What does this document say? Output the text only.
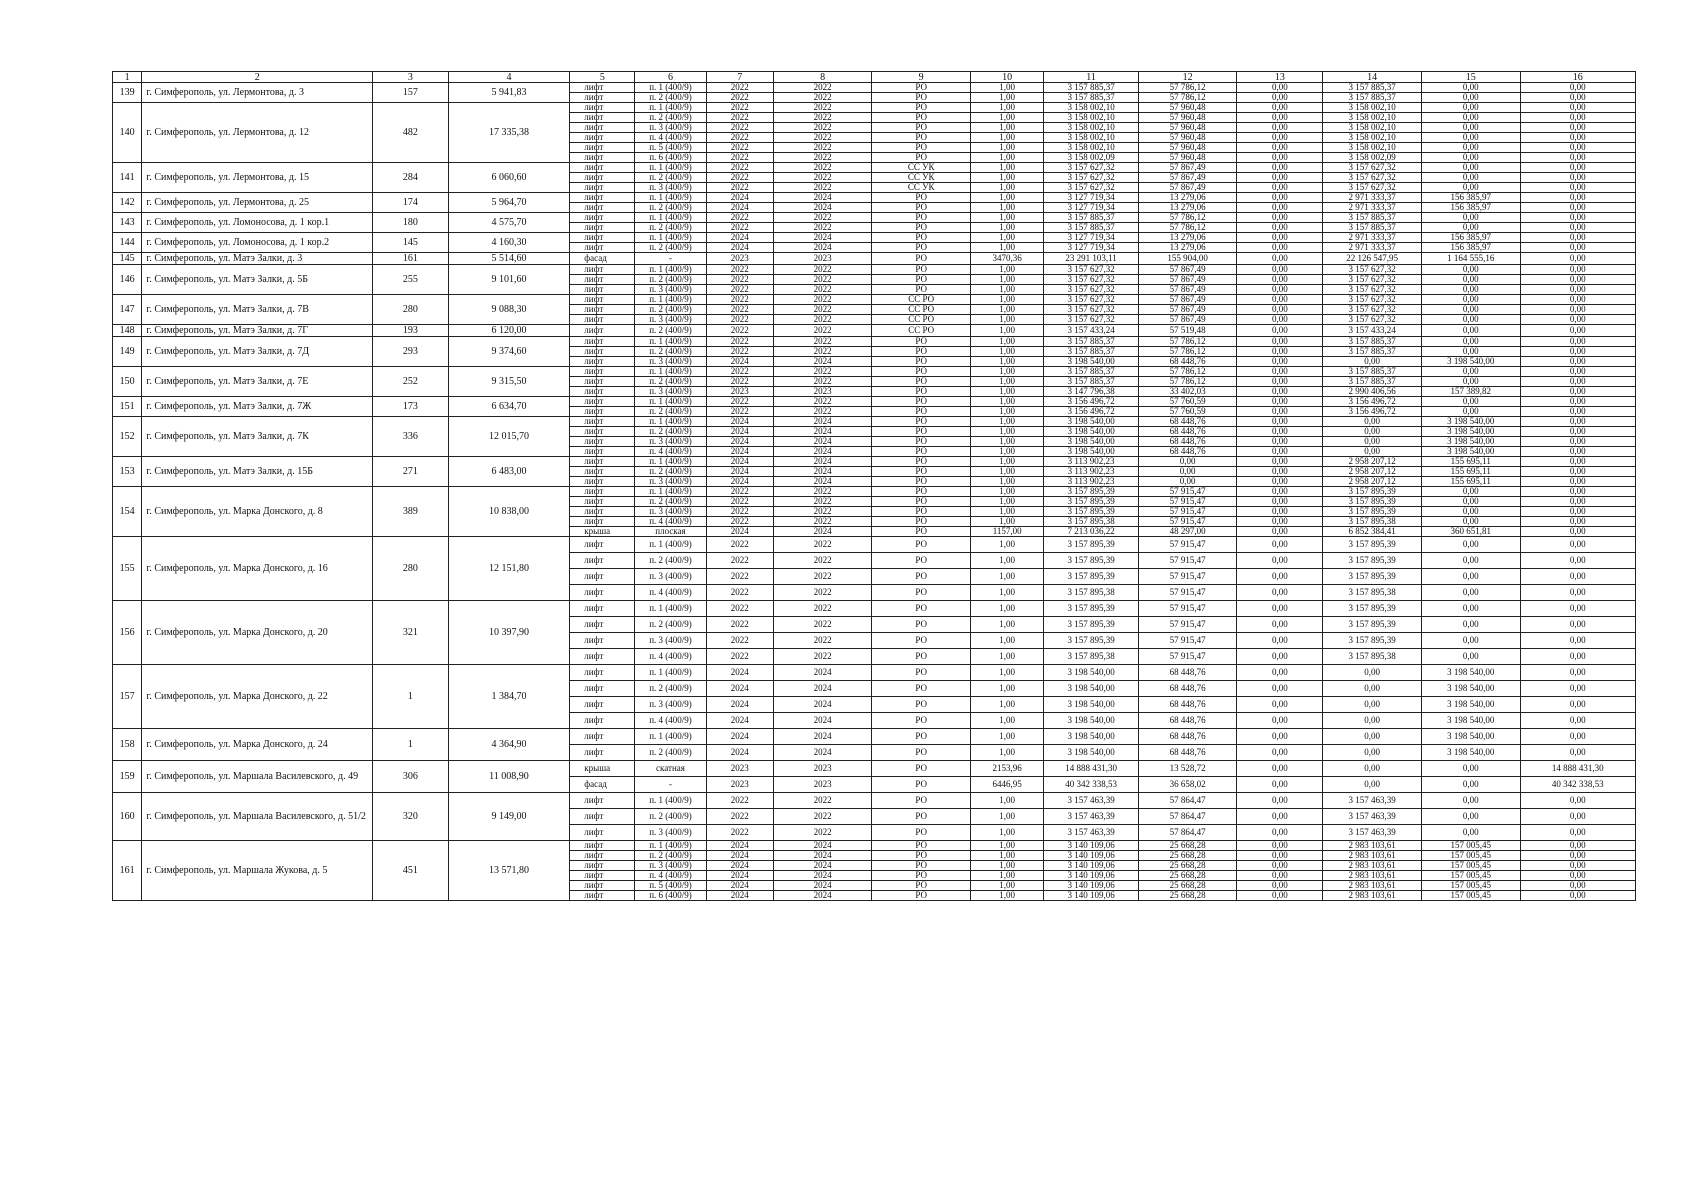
1	2	3	4	5	6	7	8	9	10	11	12	13	14	15	16
139	г. Симферополь, ул. Лермонтова, д. 3	157	5 941,83	лифт	п. 1 (400/9)	2022	2022	РО	1,00	3 157 885,37	57 786,12	0,00	3 157 885,37	0,00	0,00
				лифт	п. 2 (400/9)	2022	2022	РО	1,00	3 157 885,37	57 786,12	0,00	3 157 885,37	0,00	0,00
140	г. Симферополь, ул. Лермонтова, д. 12	482	17 335,38	лифт	п. 1 (400/9)	2022	2022	РО	1,00	3 158 002,10	57 960,48	0,00	3 158 002,10	0,00	0,00
				лифт	п. 2 (400/9)	2022	2022	РО	1,00	3 158 002,10	57 960,48	0,00	3 158 002,10	0,00	0,00
				лифт	п. 3 (400/9)	2022	2022	РО	1,00	3 158 002,10	57 960,48	0,00	3 158 002,10	0,00	0,00
				лифт	п. 4 (400/9)	2022	2022	РО	1,00	3 158 002,10	57 960,48	0,00	3 158 002,10	0,00	0,00
				лифт	п. 5 (400/9)	2022	2022	РО	1,00	3 158 002,10	57 960,48	0,00	3 158 002,10	0,00	0,00
				лифт	п. 6 (400/9)	2022	2022	РО	1,00	3 158 002,09	57 960,48	0,00	3 158 002,09	0,00	0,00
141	г. Симферополь, ул. Лермонтова, д. 15	284	6 060,60	лифт	п. 1 (400/9)	2022	2022	СС УК	1,00	3 157 627,32	57 867,49	0,00	3 157 627,32	0,00	0,00
				лифт	п. 2 (400/9)	2022	2022	СС УК	1,00	3 157 627,32	57 867,49	0,00	3 157 627,32	0,00	0,00
				лифт	п. 3 (400/9)	2022	2022	СС УК	1,00	3 157 627,32	57 867,49	0,00	3 157 627,32	0,00	0,00
142	г. Симферополь, ул. Лермонтова, д. 25	174	5 964,70	лифт	п. 1 (400/9)	2024	2024	РО	1,00	3 127 719,34	13 279,06	0,00	2 971 333,37	156 385,97	0,00
				лифт	п. 2 (400/9)	2024	2024	РО	1,00	3 127 719,34	13 279,06	0,00	2 971 333,37	156 385,97	0,00
143	г. Симферополь, ул. Ломоносова, д. 1 кор.1	180	4 575,70	лифт	п. 1 (400/9)	2022	2022	РО	1,00	3 157 885,37	57 786,12	0,00	3 157 885,37	0,00	0,00
				лифт	п. 2 (400/9)	2022	2022	РО	1,00	3 157 885,37	57 786,12	0,00	3 157 885,37	0,00	0,00
144	г. Симферополь, ул. Ломоносова, д. 1 кор.2	145	4 160,30	лифт	п. 1 (400/9)	2024	2024	РО	1,00	3 127 719,34	13 279,06	0,00	2 971 333,37	156 385,97	0,00
				лифт	п. 2 (400/9)	2024	2024	РО	1,00	3 127 719,34	13 279,06	0,00	2 971 333,37	156 385,97	0,00
145	г. Симферополь, ул. Матэ Залки, д. 3	161	5 514,60	фасад	-	2023	2023	РО	3470,36	23 291 103,11	155 904,00	0,00	22 126 547,95	1 164 555,16	0,00
146	г. Симферополь, ул. Матэ Залки, д. 5Б	255	9 101,60	лифт	п. 1 (400/9)	2022	2022	РО	1,00	3 157 627,32	57 867,49	0,00	3 157 627,32	0,00	0,00
				лифт	п. 2 (400/9)	2022	2022	РО	1,00	3 157 627,32	57 867,49	0,00	3 157 627,32	0,00	0,00
				лифт	п. 3 (400/9)	2022	2022	РО	1,00	3 157 627,32	57 867,49	0,00	3 157 627,32	0,00	0,00
147	г. Симферополь, ул. Матэ Залки, д. 7В	280	9 088,30	лифт	п. 1 (400/9)	2022	2022	СС РО	1,00	3 157 627,32	57 867,49	0,00	3 157 627,32	0,00	0,00
				лифт	п. 2 (400/9)	2022	2022	СС РО	1,00	3 157 627,32	57 867,49	0,00	3 157 627,32	0,00	0,00
				лифт	п. 3 (400/9)	2022	2022	СС РО	1,00	3 157 627,32	57 867,49	0,00	3 157 627,32	0,00	0,00
148	г. Симферополь, ул. Матэ Залки, д. 7Г	193	6 120,00	лифт	п. 2 (400/9)	2022	2022	СС РО	1,00	3 157 433,24	57 519,48	0,00	3 157 433,24	0,00	0,00
149	г. Симферополь, ул. Матэ Залки, д. 7Д	293	9 374,60	лифт	п. 1 (400/9)	2022	2022	РО	1,00	3 157 885,37	57 786,12	0,00	3 157 885,37	0,00	0,00
				лифт	п. 2 (400/9)	2022	2022	РО	1,00	3 157 885,37	57 786,12	0,00	3 157 885,37	0,00	0,00
				лифт	п. 3 (400/9)	2024	2024	РО	1,00	3 198 540,00	68 448,76	0,00	0,00	3 198 540,00	0,00
150	г. Симферополь, ул. Матэ Залки, д. 7Е	252	9 315,50	лифт	п. 1 (400/9)	2022	2022	РО	1,00	3 157 885,37	57 786,12	0,00	3 157 885,37	0,00	0,00
				лифт	п. 2 (400/9)	2022	2022	РО	1,00	3 157 885,37	57 786,12	0,00	3 157 885,37	0,00	0,00
				лифт	п. 3 (400/9)	2023	2023	РО	1,00	3 147 796,38	33 402,03	0,00	2 990 406,56	157 389,82	0,00
151	г. Симферополь, ул. Матэ Залки, д. 7Ж	173	6 634,70	лифт	п. 1 (400/9)	2022	2022	РО	1,00	3 156 496,72	57 760,59	0,00	3 156 496,72	0,00	0,00
				лифт	п. 2 (400/9)	2022	2022	РО	1,00	3 156 496,72	57 760,59	0,00	3 156 496,72	0,00	0,00
152	г. Симферополь, ул. Матэ Залки, д. 7К	336	12 015,70	лифт	п. 1 (400/9)	2024	2024	РО	1,00	3 198 540,00	68 448,76	0,00	0,00	3 198 540,00	0,00
				лифт	п. 2 (400/9)	2024	2024	РО	1,00	3 198 540,00	68 448,76	0,00	0,00	3 198 540,00	0,00
				лифт	п. 3 (400/9)	2024	2024	РО	1,00	3 198 540,00	68 448,76	0,00	0,00	3 198 540,00	0,00
				лифт	п. 4 (400/9)	2024	2024	РО	1,00	3 198 540,00	68 448,76	0,00	0,00	3 198 540,00	0,00
153	г. Симферополь, ул. Матэ Залки, д. 15Б	271	6 483,00	лифт	п. 1 (400/9)	2024	2024	РО	1,00	3 113 902,23	0,00	0,00	2 958 207,12	155 695,11	0,00
				лифт	п. 2 (400/9)	2024	2024	РО	1,00	3 113 902,23	0,00	0,00	2 958 207,12	155 695,11	0,00
				лифт	п. 3 (400/9)	2024	2024	РО	1,00	3 113 902,23	0,00	0,00	2 958 207,12	155 695,11	0,00
154	г. Симферополь, ул. Марка Донского, д. 8	389	10 838,00	лифт	п. 1 (400/9)	2022	2022	РО	1,00	3 157 895,39	57 915,47	0,00	3 157 895,39	0,00	0,00
				лифт	п. 2 (400/9)	2022	2022	РО	1,00	3 157 895,39	57 915,47	0,00	3 157 895,39	0,00	0,00
				лифт	п. 3 (400/9)	2022	2022	РО	1,00	3 157 895,39	57 915,47	0,00	3 157 895,39	0,00	0,00
				лифт	п. 4 (400/9)	2022	2022	РО	1,00	3 157 895,38	57 915,47	0,00	3 157 895,38	0,00	0,00
				крыша	плоская	2024	2024	РО	1157,00	7 213 036,22	48 297,00	0,00	6 852 384,41	360 651,81	0,00
155	г. Симферополь, ул. Марка Донского, д. 16	280	12 151,80	лифт	п. 1 (400/9)	2022	2022	РО	1,00	3 157 895,39	57 915,47	0,00	3 157 895,39	0,00	0,00
				лифт	п. 2 (400/9)	2022	2022	РО	1,00	3 157 895,39	57 915,47	0,00	3 157 895,39	0,00	0,00
				лифт	п. 3 (400/9)	2022	2022	РО	1,00	3 157 895,39	57 915,47	0,00	3 157 895,39	0,00	0,00
				лифт	п. 4 (400/9)	2022	2022	РО	1,00	3 157 895,38	57 915,47	0,00	3 157 895,38	0,00	0,00
156	г. Симферополь, ул. Марка Донского, д. 20	321	10 397,90	лифт	п. 1 (400/9)	2022	2022	РО	1,00	3 157 895,39	57 915,47	0,00	3 157 895,39	0,00	0,00
				лифт	п. 2 (400/9)	2022	2022	РО	1,00	3 157 895,39	57 915,47	0,00	3 157 895,39	0,00	0,00
				лифт	п. 3 (400/9)	2022	2022	РО	1,00	3 157 895,39	57 915,47	0,00	3 157 895,39	0,00	0,00
				лифт	п. 4 (400/9)	2022	2022	РО	1,00	3 157 895,38	57 915,47	0,00	3 157 895,38	0,00	0,00
157	г. Симферополь, ул. Марка Донского, д. 22	1	1 384,70	лифт	п. 1 (400/9)	2024	2024	РО	1,00	3 198 540,00	68 448,76	0,00	0,00	3 198 540,00	0,00
				лифт	п. 2 (400/9)	2024	2024	РО	1,00	3 198 540,00	68 448,76	0,00	0,00	3 198 540,00	0,00
				лифт	п. 3 (400/9)	2024	2024	РО	1,00	3 198 540,00	68 448,76	0,00	0,00	3 198 540,00	0,00
				лифт	п. 4 (400/9)	2024	2024	РО	1,00	3 198 540,00	68 448,76	0,00	0,00	3 198 540,00	0,00
158	г. Симферополь, ул. Марка Донского, д. 24	1	4 364,90	лифт	п. 1 (400/9)	2024	2024	РО	1,00	3 198 540,00	68 448,76	0,00	0,00	3 198 540,00	0,00
				лифт	п. 2 (400/9)	2024	2024	РО	1,00	3 198 540,00	68 448,76	0,00	0,00	3 198 540,00	0,00
159	г. Симферополь, ул. Маршала Василевского, д. 49	306	11 008,90	крыша	скатная	2023	2023	РО	2153,96	14 888 431,30	13 528,72	0,00	0,00	0,00	14 888 431,30
				фасад	-	2023	2023	РО	6446,95	40 342 338,53	36 658,02	0,00	0,00	0,00	40 342 338,53
160	г. Симферополь, ул. Маршала Василевского, д. 51/2	320	9 149,00	лифт	п. 1 (400/9)	2022	2022	РО	1,00	3 157 463,39	57 864,47	0,00	3 157 463,39	0,00	0,00
				лифт	п. 2 (400/9)	2022	2022	РО	1,00	3 157 463,39	57 864,47	0,00	3 157 463,39	0,00	0,00
				лифт	п. 3 (400/9)	2022	2022	РО	1,00	3 157 463,39	57 864,47	0,00	3 157 463,39	0,00	0,00
161	г. Симферополь, ул. Маршала Жукова, д. 5	451	13 571,80	лифт	п. 1 (400/9)	2024	2024	РО	1,00	3 140 109,06	25 668,28	0,00	2 983 103,61	157 005,45	0,00
				лифт	п. 2 (400/9)	2024	2024	РО	1,00	3 140 109,06	25 668,28	0,00	2 983 103,61	157 005,45	0,00
				лифт	п. 3 (400/9)	2024	2024	РО	1,00	3 140 109,06	25 668,28	0,00	2 983 103,61	157 005,45	0,00
				лифт	п. 4 (400/9)	2024	2024	РО	1,00	3 140 109,06	25 668,28	0,00	2 983 103,61	157 005,45	0,00
				лифт	п. 5 (400/9)	2024	2024	РО	1,00	3 140 109,06	25 668,28	0,00	2 983 103,61	157 005,45	0,00
				лифт	п. 6 (400/9)	2024	2024	РО	1,00	3 140 109,06	25 668,28	0,00	2 983 103,61	157 005,45	0,00
